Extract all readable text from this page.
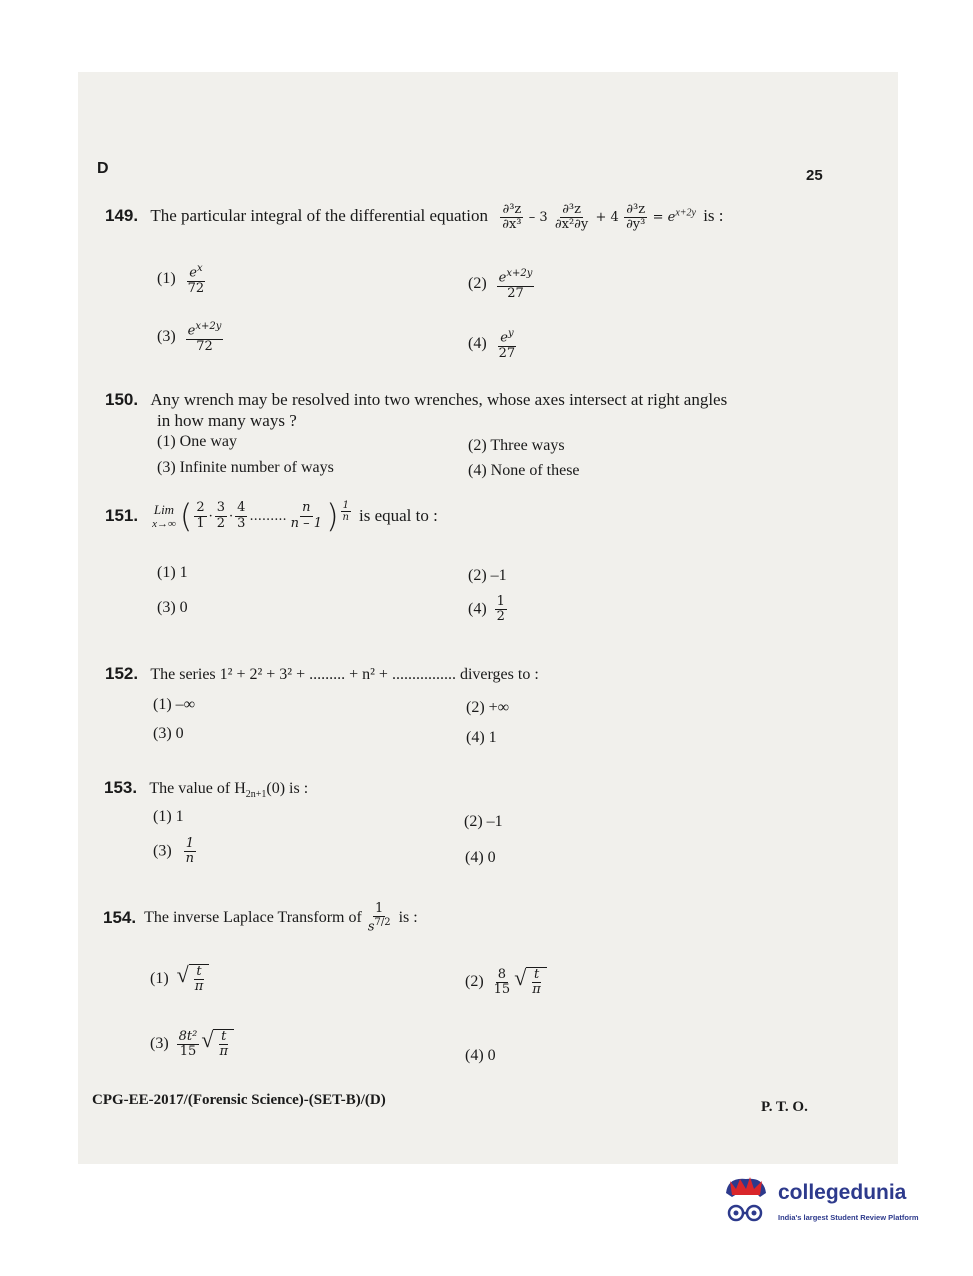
D	25
149. The particular integral of the differential equation $\frac{\text{∂³z}}{\text{∂x³}} - 3 \frac{\text{∂³z}}{\text{∂x²∂y}} + 4 \frac{\text{∂³z}}{\text{∂y³}} = e^{x+2y}$ is :
$(1) \frac{e^x}{72}$	$(2) \frac{e^{x+2y}}{27}$
$(3) \frac{e^{x+2y}}{72}$	$(4) \frac{e^y}{27}$
150. Any wrench may be resolved into two wrenches, whose axes intersect at right angles
in how many ways ?
(1) One way	(2) Three ways
(3) Infinite number of ways	(4) None of these
151. Lim
x→∞ ( $\frac{2}{1} \cdot \frac{3}{2} \cdot \frac{4}{3}$ ......... $\frac{n}{n - 1}$ ) $\frac{1}{n}$ is equal to :
(1) 1	(2) –1
(3) 0	$(4) \frac{1}{2}$
152. The series 1² + 2² + 3² + ......... + n² + ................ diverges to :
(1) –∞	(2) +∞
(3) 0	(4) 1
153. The value of $H_{2n+1}(0)$ is :
(1) 1	(2) –1
$(3) \frac{1}{n}$	(4) 0
154. The inverse Laplace Transform of $\frac{1}{s^{7/2}}$ is :
(1) √ $\frac{t}{\pi}$	$(2) \frac{8}{15}$ √ $\frac{t}{\pi}$
$(3) \frac{\text{8t²}}{15}$ √ $\frac{t}{\pi}$	(4) 0
CPG-EE-2017/(Forensic Science)-(SET-B)/(D)	P. T. O.
collegedunia
India's largest Student Review Platform
